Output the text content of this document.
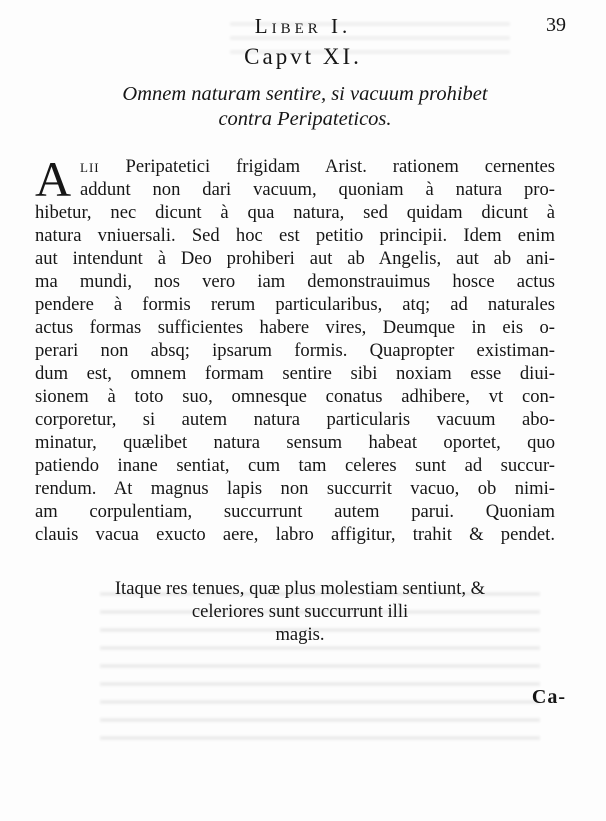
Liber I.	39
Capvt XI.
Omnem naturam sentire, si vacuum prohibet
contra Peripateticos.
A lii Peripatetici frigidam Arist. rationem cernentes
addunt non dari vacuum, quoniam à natura pro-
hibetur, nec dicunt à qua natura, sed quidam dicunt à
natura vniuersali. Sed hoc est petitio principii. Idem enim
aut intendunt à Deo prohiberi aut ab Angelis, aut ab ani-
ma mundi, nos vero iam demonstrauimus hosce actus
pendere à formis rerum particularibus, atq; ad naturales
actus formas sufficientes habere vires, Deumque in eis o-
perari non absq; ipsarum formis. Quapropter existiman-
dum est, omnem formam sentire sibi noxiam esse diui-
sionem à toto suo, omnesque conatus adhibere, vt con-
corporetur, si autem natura particularis vacuum abo-
minatur, quælibet natura sensum habeat oportet, quo
patiendo inane sentiat, cum tam celeres sunt ad succur-
rendum. At magnus lapis non succurrit vacuo, ob nimi-
am corpulentiam, succurrunt autem parui. Quoniam
clauis vacua exucto aere, labro affigitur, trahit & pendet.
Itaque res tenues, quæ plus molestiam sentiunt, &
celeriores sunt succurrunt illi
magis.
Ca-
